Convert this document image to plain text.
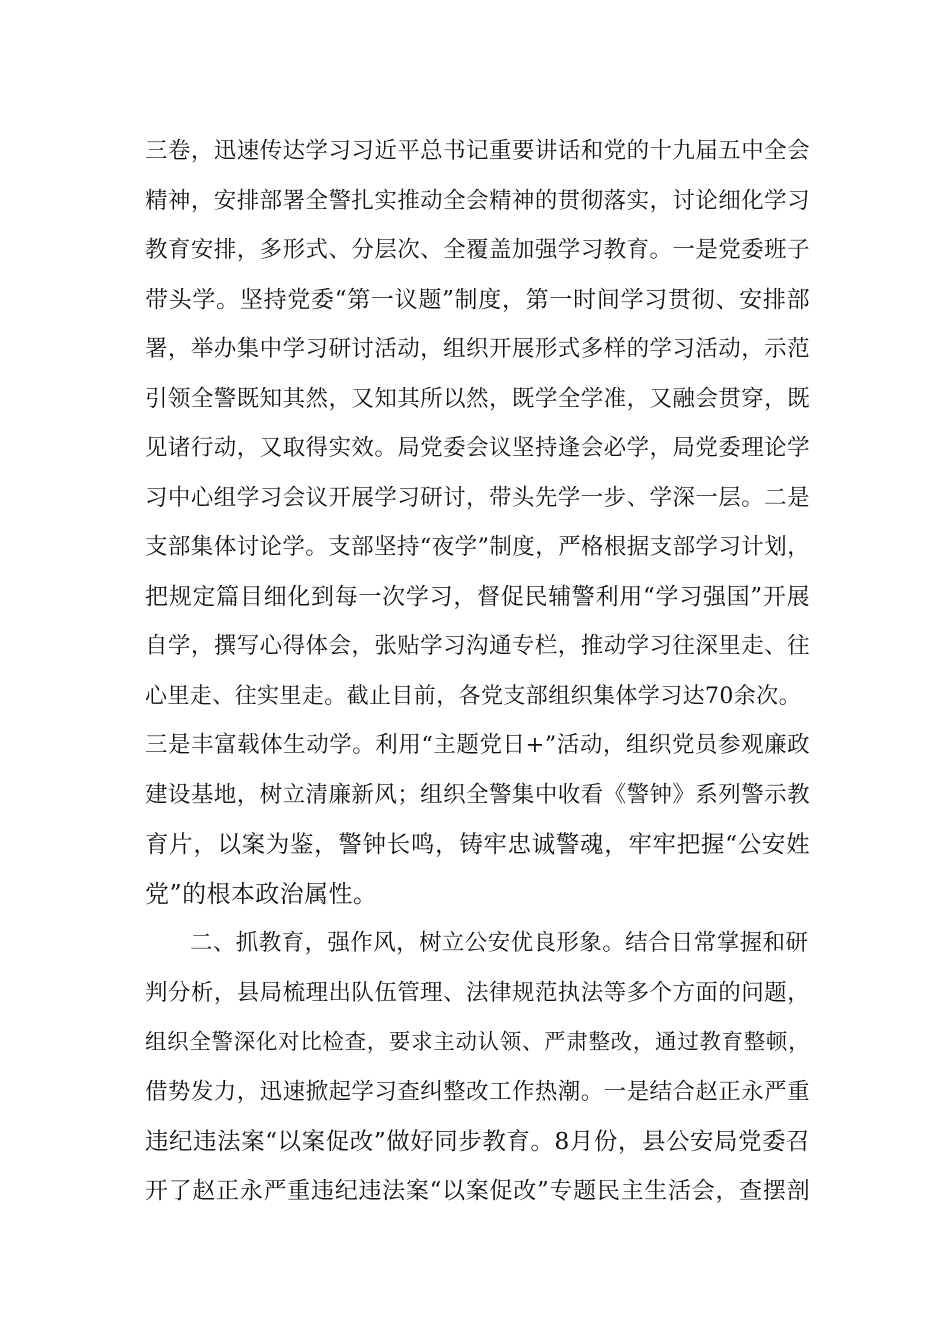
三卷，迅速传达学习习近平总书记重要讲话和党的十九届五中全会
精神，安排部署全警扎实推动全会精神的贯彻落实，讨论细化学习
教育安排，多形式、分层次、全覆盖加强学习教育。一是党委班子
带头学。坚持党委“第一议题”制度，第一时间学习贯彻、安排部
署，举办集中学习研讨活动，组织开展形式多样的学习活动，示范
引领全警既知其然，又知其所以然，既学全学准，又融会贯穿，既
见诸行动，又取得实效。局党委会议坚持逢会必学，局党委理论学
习中心组学习会议开展学习研讨，带头先学一步、学深一层。二是
支部集体讨论学。支部坚持“夜学”制度，严格根据支部学习计划，
把规定篇目细化到每一次学习，督促民辅警利用“学习强国”开展
自学，撰写心得体会，张贴学习沟通专栏，推动学习往深里走、往
心里走、往实里走。截止目前，各党支部组织集体学习达70余次。
三是丰富载体生动学。利用“主题党日+”活动，组织党员参观廉政
建设基地，树立清廉新风；组织全警集中收看《警钟》系列警示教
育片，以案为鉴，警钟长鸣，铸牢忠诚警魂，牢牢把握“公安姓
党”的根本政治属性。
二、抓教育，强作风，树立公安优良形象。结合日常掌握和研
判分析，县局梳理出队伍管理、法律规范执法等多个方面的问题，
组织全警深化对比检查，要求主动认领、严肃整改，通过教育整顿，
借势发力，迅速掀起学习查纠整改工作热潮。一是结合赵正永严重
违纪违法案“以案促改”做好同步教育。8月份，县公安局党委召
开了赵正永严重违纪违法案“以案促改”专题民主生活会，查摆剖
